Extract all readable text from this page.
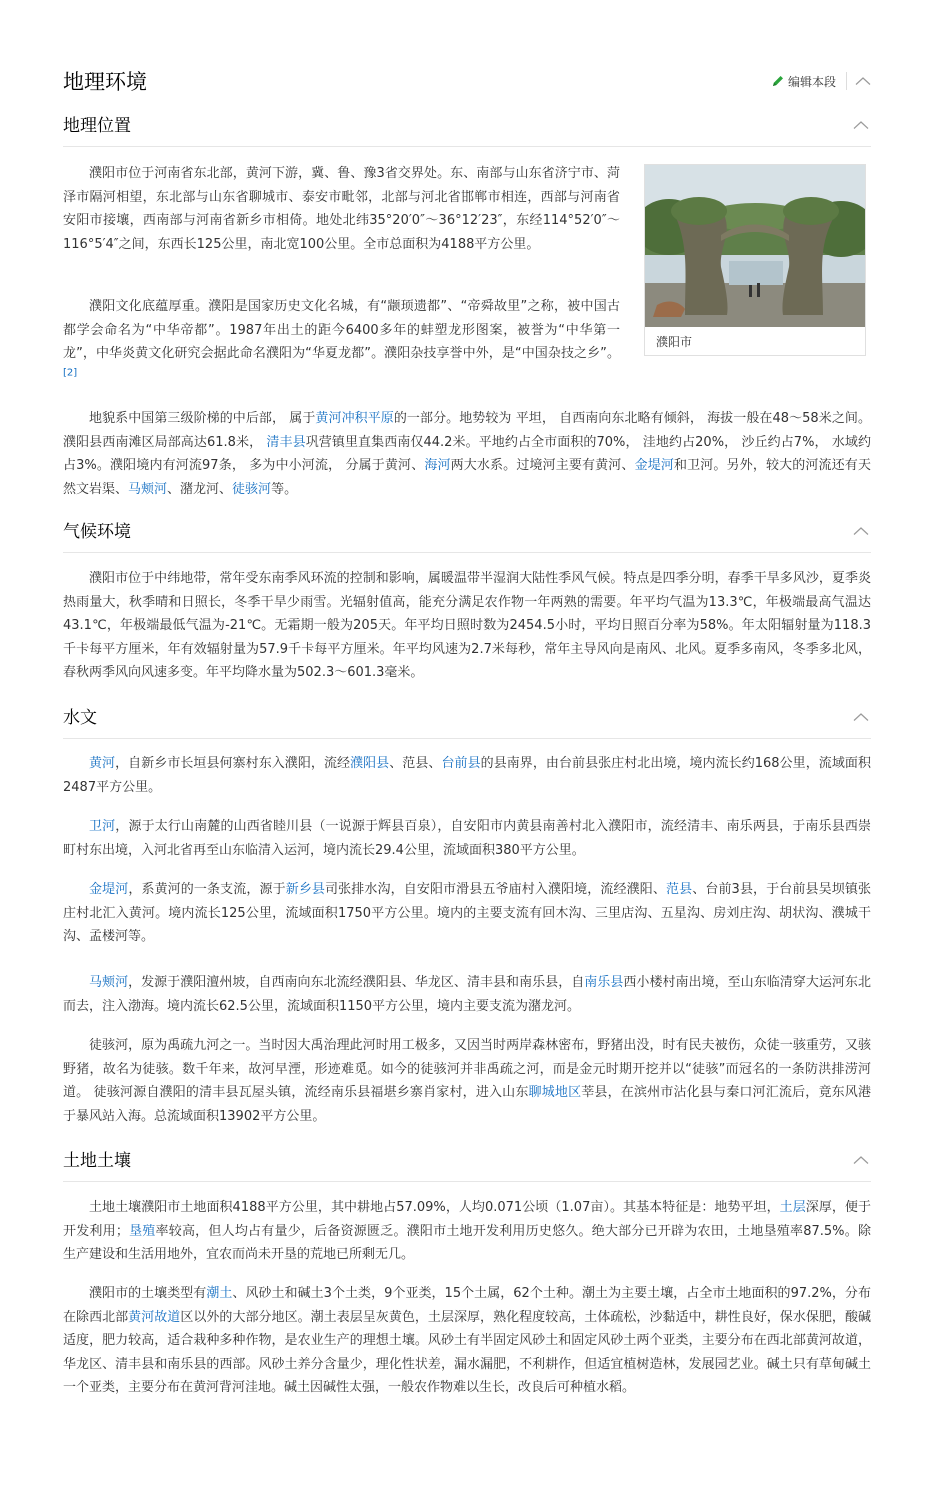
地理环境	编辑本段
地理位置

濮阳市位于河南省东北部，黄河下游，冀、鲁、豫3省交界处。东、南部与山东省济宁市、菏泽市隔河相望，东北部与山东省聊城市、泰安市毗邻，北部与河北省邯郸市相连，西部与河南省安阳市接壤，西南部与河南省新乡市相倚。地处北纬35°20′0″～36°12′23″，东经114°52′0″～116°5′4″之间，东西长125公里，南北宽100公里。全市总面积为4188平方公里。

濮阳文化底蕴厚重。濮阳是国家历史文化名城，有“颛顼遗都”、“帝舜故里”之称，被中国古都学会命名为“中华帝都”。1987年出土的距今6400多年的蚌塑龙形图案，被誉为“中华第一龙”，中华炎黄文化研究会据此命名濮阳为“华夏龙都”。濮阳杂技享誉中外，是“中国杂技之乡”。 [2]

地貌系中国第三级阶梯的中后部， 属于黄河冲积平原的一部分。地势较为 平坦， 自西南向东北略有倾斜， 海拔一般在48～58米之间。濮阳县西南滩区局部高达61.8米， 清丰县巩营镇里直集西南仅44.2米。平地约占全市面积的70%， 洼地约占20%， 沙丘约占7%， 水域约占3%。濮阳境内有河流97条， 多为中小河流， 分属于黄河、海河两大水系。过境河主要有黄河、金堤河和卫河。另外，较大的河流还有天然文岩渠、马颊河、潴龙河、徒骇河等。

濮阳市
气候环境

濮阳市位于中纬地带，常年受东南季风环流的控制和影响，属暖温带半湿润大陆性季风气候。特点是四季分明，春季干旱多风沙，夏季炎热雨量大，秋季晴和日照长，冬季干旱少雨雪。光辐射值高，能充分满足农作物一年两熟的需要。年平均气温为13.3℃，年极端最高气温达43.1℃，年极端最低气温为-21℃。无霜期一般为205天。年平均日照时数为2454.5小时，平均日照百分率为58%。年太阳辐射量为118.3千卡每平方厘米，年有效辐射量为57.9千卡每平方厘米。年平均风速为2.7米每秒，常年主导风向是南风、北风。夏季多南风，冬季多北风，春秋两季风向风速多变。年平均降水量为502.3～601.3毫米。

水文

黄河，自新乡市长垣县何寨村东入濮阳，流经濮阳县、范县、台前县的县南界，由台前县张庄村北出境，境内流长约168公里，流域面积2487平方公里。

卫河，源于太行山南麓的山西省睦川县（一说源于辉县百泉），自安阳市内黄县南善村北入濮阳市，流经清丰、南乐两县，于南乐县西崇町村东出境，入河北省再至山东临清入运河，境内流长29.4公里，流域面积380平方公里。

金堤河，系黄河的一条支流，源于新乡县司张排水沟，自安阳市滑县五爷庙村入濮阳境，流经濮阳、范县、台前3县，于台前县吴坝镇张庄村北汇入黄河。境内流长125公里，流域面积1750平方公里。境内的主要支流有回木沟、三里店沟、五星沟、房刘庄沟、胡状沟、濮城干沟、孟楼河等。

马颊河，发源于濮阳澶州坡，自西南向东北流经濮阳县、华龙区、清丰县和南乐县，自南乐县西小楼村南出境，至山东临清穿大运河东北而去，注入渤海。境内流长62.5公里，流域面积1150平方公里，境内主要支流为潴龙河。

徒骇河，原为禹疏九河之一。当时因大禹治理此河时用工极多，又因当时两岸森林密布，野猪出没，时有民夫被伤，众徒一骇重劳，又骇野猪，故名为徒骇。数千年来，故河早湮，形迹难觅。如今的徒骇河并非禹疏之河，而是金元时期开挖并以“徒骇”而冠名的一条防洪排涝河道。 徒骇河源自濮阳的清丰县瓦屋头镇，流经南乐县福堪乡寨肖家村，进入山东聊城地区莘县，在滨州市沾化县与秦口河汇流后，竟东风港于暴风站入海。总流域面积13902平方公里。

土地土壤

土地土壤濮阳市土地面积4188平方公里，其中耕地占57.09%，人均0.071公顷（1.07亩）。其基本特征是：地势平坦，土层深厚，便于开发利用；垦殖率较高，但人均占有量少，后备资源匮乏。濮阳市土地开发利用历史悠久。绝大部分已开辟为农田，土地垦殖率87.5%。除生产建设和生活用地外，宜农而尚未开垦的荒地已所剩无几。

濮阳市的土壤类型有潮土、风砂土和碱土3个土类，9个亚类，15个土属，62个土种。潮土为主要土壤，占全市土地面积的97.2%，分布在除西北部黄河故道区以外的大部分地区。潮土表层呈灰黄色，土层深厚，熟化程度较高，土体疏松，沙黏适中，耕性良好，保水保肥，酸碱适度，肥力较高，适合栽种多种作物，是农业生产的理想土壤。风砂土有半固定风砂土和固定风砂土两个亚类，主要分布在西北部黄河故道，华龙区、清丰县和南乐县的西部。风砂土养分含量少，理化性状差，漏水漏肥，不利耕作，但适宜植树造林，发展园艺业。碱土只有草甸碱土一个亚类，主要分布在黄河背河洼地。碱土因碱性太强，一般农作物难以生长，改良后可种植水稻。
